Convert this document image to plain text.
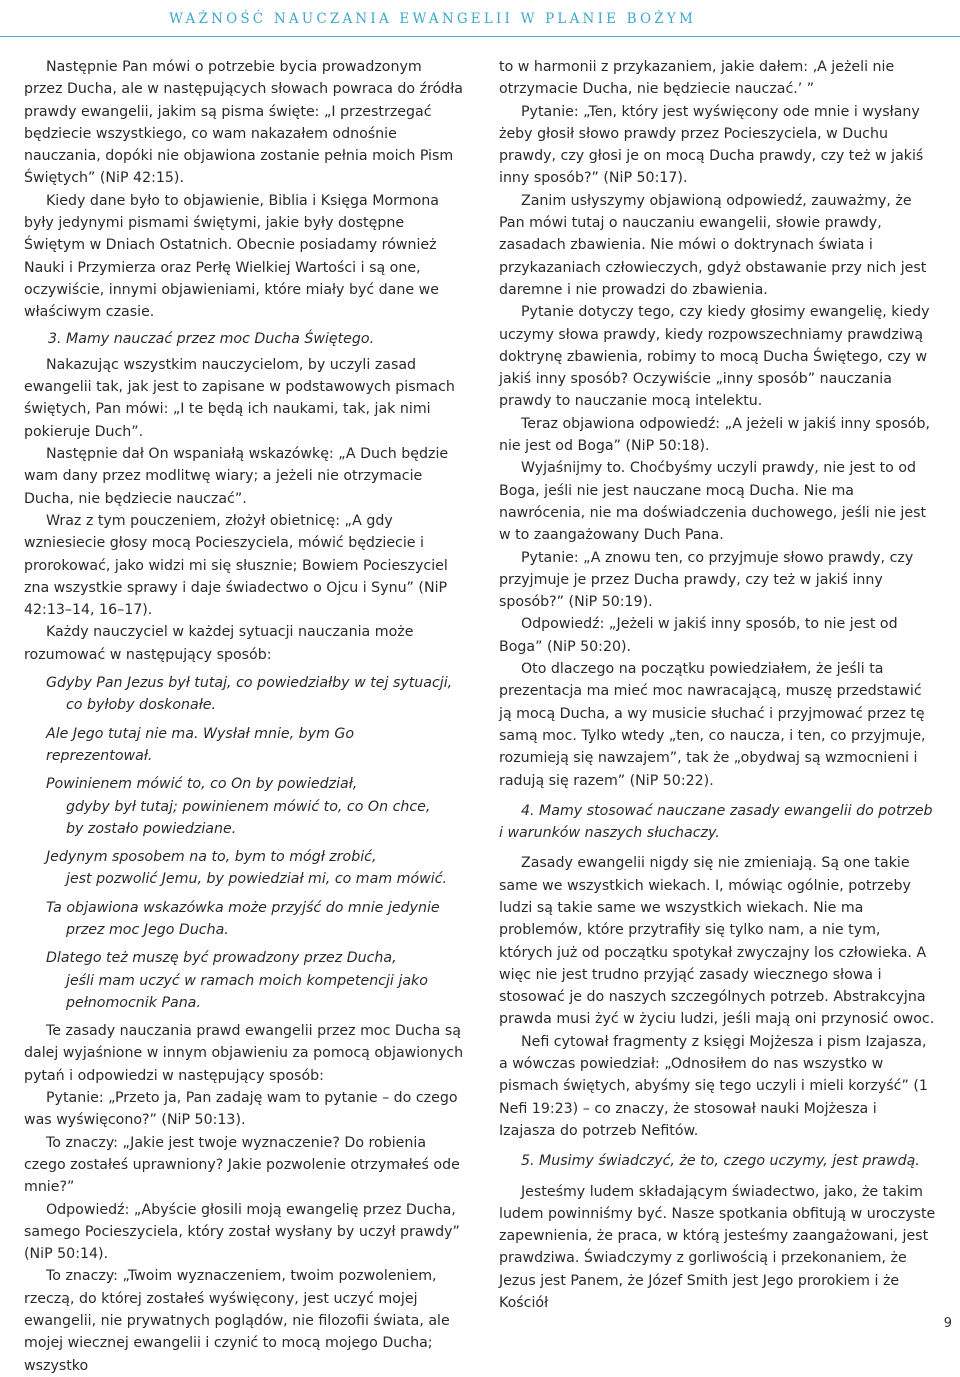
WAŻNOŚĆ NAUCZANIA EWANGELII W PLANIE BOŻYM

Następnie Pan mówi o potrzebie bycia prowadzonym przez Ducha, ale w następujących słowach powraca do źródła prawdy ewangelii, jakim są pisma święte: „I przestrzegać będziecie wszystkiego, co wam nakazałem odnośnie nauczania, dopóki nie objawiona zostanie pełnia moich Pism Świętych” (NiP 42:15).

Kiedy dane było to objawienie, Biblia i Księga Mormona były jedynymi pismami świętymi, jakie były dostępne Świętym w Dniach Ostatnich. Obecnie posiadamy również Nauki i Przymierza oraz Perłę Wielkiej Wartości i są one, oczywiście, innymi objawieniami, które miały być dane we właściwym czasie.

3. Mamy nauczać przez moc Ducha Świętego.

Nakazując wszystkim nauczycielom, by uczyli zasad ewangelii tak, jak jest to zapisane w podstawowych pismach świętych, Pan mówi: „I te będą ich naukami, tak, jak nimi pokieruje Duch”.

Następnie dał On wspaniałą wskazówkę: „A Duch będzie wam dany przez modlitwę wiary; a jeżeli nie otrzymacie Ducha, nie będziecie nauczać”.

Wraz z tym pouczeniem, złożył obietnicę: „A gdy wzniesiecie głosy mocą Pocieszyciela, mówić będziecie i prorokować, jako widzi mi się słusznie; Bowiem Pocieszyciel zna wszystkie sprawy i daje świadectwo o Ojcu i Synu” (NiP 42:13–14, 16–17).

Każdy nauczyciel w każdej sytuacji nauczania może rozumować w następujący sposób:

Gdyby Pan Jezus był tutaj, co powiedziałby w tej sytuacji,
co byłoby doskonałe.
Ale Jego tutaj nie ma. Wysłał mnie, bym Go reprezentował.
Powinienem mówić to, co On by powiedział,
gdyby był tutaj; powinienem mówić to, co On chce,
by zostało powiedziane.
Jedynym sposobem na to, bym to mógł zrobić,
jest pozwolić Jemu, by powiedział mi, co mam mówić.
Ta objawiona wskazówka może przyjść do mnie jedynie
przez moc Jego Ducha.
Dlatego też muszę być prowadzony przez Ducha,
jeśli mam uczyć w ramach moich kompetencji jako
pełnomocnik Pana.

Te zasady nauczania prawd ewangelii przez moc Ducha są dalej wyjaśnione w innym objawieniu za pomocą objawionych pytań i odpowiedzi w następujący sposób:

Pytanie: „Przeto ja, Pan zadaję wam to pytanie – do czego was wyświęcono?” (NiP 50:13).

To znaczy: „Jakie jest twoje wyznaczenie? Do robienia czego zostałeś uprawniony? Jakie pozwolenie otrzymałeś ode mnie?”

Odpowiedź: „Abyście głosili moją ewangelię przez Ducha, samego Pocieszyciela, który został wysłany by uczył prawdy” (NiP 50:14).

To znaczy: „Twoim wyznaczeniem, twoim pozwoleniem, rzeczą, do której zostałeś wyświęcony, jest uczyć mojej ewangelii, nie prywatnych poglądów, nie filozofii świata, ale mojej wiecznej ewangelii i czynić to mocą mojego Ducha; wszystko

to w harmonii z przykazaniem, jakie dałem: ‚A jeżeli nie otrzymacie Ducha, nie będziecie nauczać.’ ”

Pytanie: „Ten, który jest wyświęcony ode mnie i wysłany żeby głosił słowo prawdy przez Pocieszyciela, w Duchu prawdy, czy głosi je on mocą Ducha prawdy, czy też w jakiś inny sposób?” (NiP 50:17).

Zanim usłyszymy objawioną odpowiedź, zauważmy, że Pan mówi tutaj o nauczaniu ewangelii, słowie prawdy, zasadach zbawienia. Nie mówi o doktrynach świata i przykazaniach człowieczych, gdyż obstawanie przy nich jest daremne i nie prowadzi do zbawienia.

Pytanie dotyczy tego, czy kiedy głosimy ewangelię, kiedy uczymy słowa prawdy, kiedy rozpowszechniamy prawdziwą doktrynę zbawienia, robimy to mocą Ducha Świętego, czy w jakiś inny sposób? Oczywiście „inny sposób” nauczania prawdy to nauczanie mocą intelektu.

Teraz objawiona odpowiedź: „A jeżeli w jakiś inny sposób, nie jest od Boga” (NiP 50:18).

Wyjaśnijmy to. Choćbyśmy uczyli prawdy, nie jest to od Boga, jeśli nie jest nauczane mocą Ducha. Nie ma nawrócenia, nie ma doświadczenia duchowego, jeśli nie jest w to zaangażowany Duch Pana.

Pytanie: „A znowu ten, co przyjmuje słowo prawdy, czy przyjmuje je przez Ducha prawdy, czy też w jakiś inny sposób?” (NiP 50:19).

Odpowiedź: „Jeżeli w jakiś inny sposób, to nie jest od Boga” (NiP 50:20).

Oto dlaczego na początku powiedziałem, że jeśli ta prezentacja ma mieć moc nawracającą, muszę przedstawić ją mocą Ducha, a wy musicie słuchać i przyjmować przez tę samą moc. Tylko wtedy „ten, co naucza, i ten, co przyjmuje, rozumieją się nawzajem”, tak że „obydwaj są wzmocnieni i radują się razem” (NiP 50:22).

4. Mamy stosować nauczane zasady ewangelii do potrzeb i warunków naszych słuchaczy.

Zasady ewangelii nigdy się nie zmieniają. Są one takie same we wszystkich wiekach. I, mówiąc ogólnie, potrzeby ludzi są takie same we wszystkich wiekach. Nie ma problemów, które przytrafiły się tylko nam, a nie tym, których już od początku spotykał zwyczajny los człowieka. A więc nie jest trudno przyjąć zasady wiecznego słowa i stosować je do naszych szczególnych potrzeb. Abstrakcyjna prawda musi żyć w życiu ludzi, jeśli mają oni przynosić owoc.

Nefi cytował fragmenty z księgi Mojżesza i pism Izajasza, a wówczas powiedział: „Odnosiłem do nas wszystko w pismach świętych, abyśmy się tego uczyli i mieli korzyść” (1 Nefi 19:23) – co znaczy, że stosował nauki Mojżesza i Izajasza do potrzeb Nefitów.

5. Musimy świadczyć, że to, czego uczymy, jest prawdą.

Jesteśmy ludem składającym świadectwo, jako, że takim ludem powinniśmy być. Nasze spotkania obfitują w uroczyste zapewnienia, że praca, w którą jesteśmy zaangażowani, jest prawdziwa. Świadczymy z gorliwością i przekonaniem, że Jezus jest Panem, że Józef Smith jest Jego prorokiem i że Kościół

9
